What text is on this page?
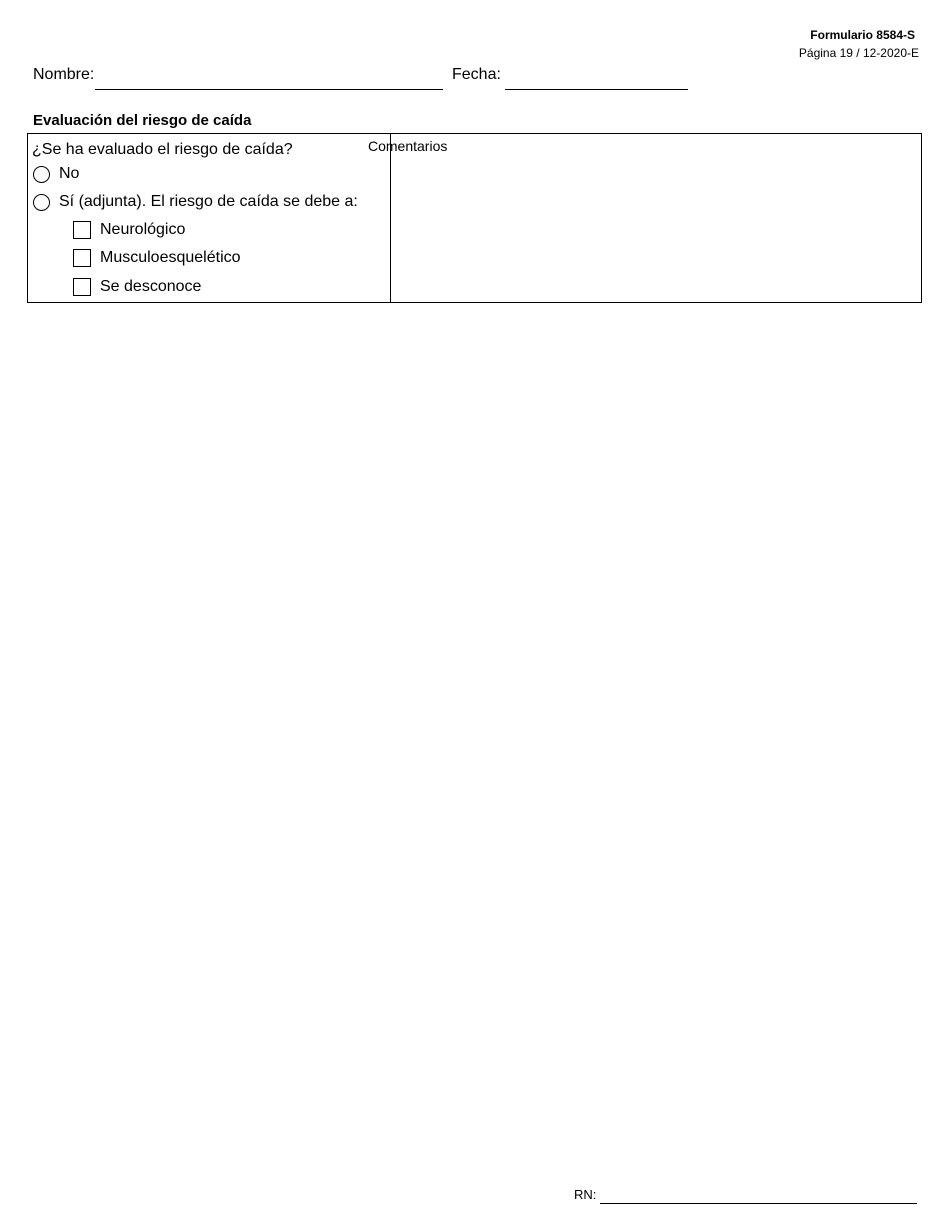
Formulario 8584-S
Página 19 / 12-2020-E
Nombre:	Fecha:
Evaluación del riesgo de caída
¿Se ha evaluado el riesgo de caída?
No
Sí (adjunta). El riesgo de caída se debe a:
Neurológico
Musculoesquelético
Se desconoce
Comentarios
RN:
